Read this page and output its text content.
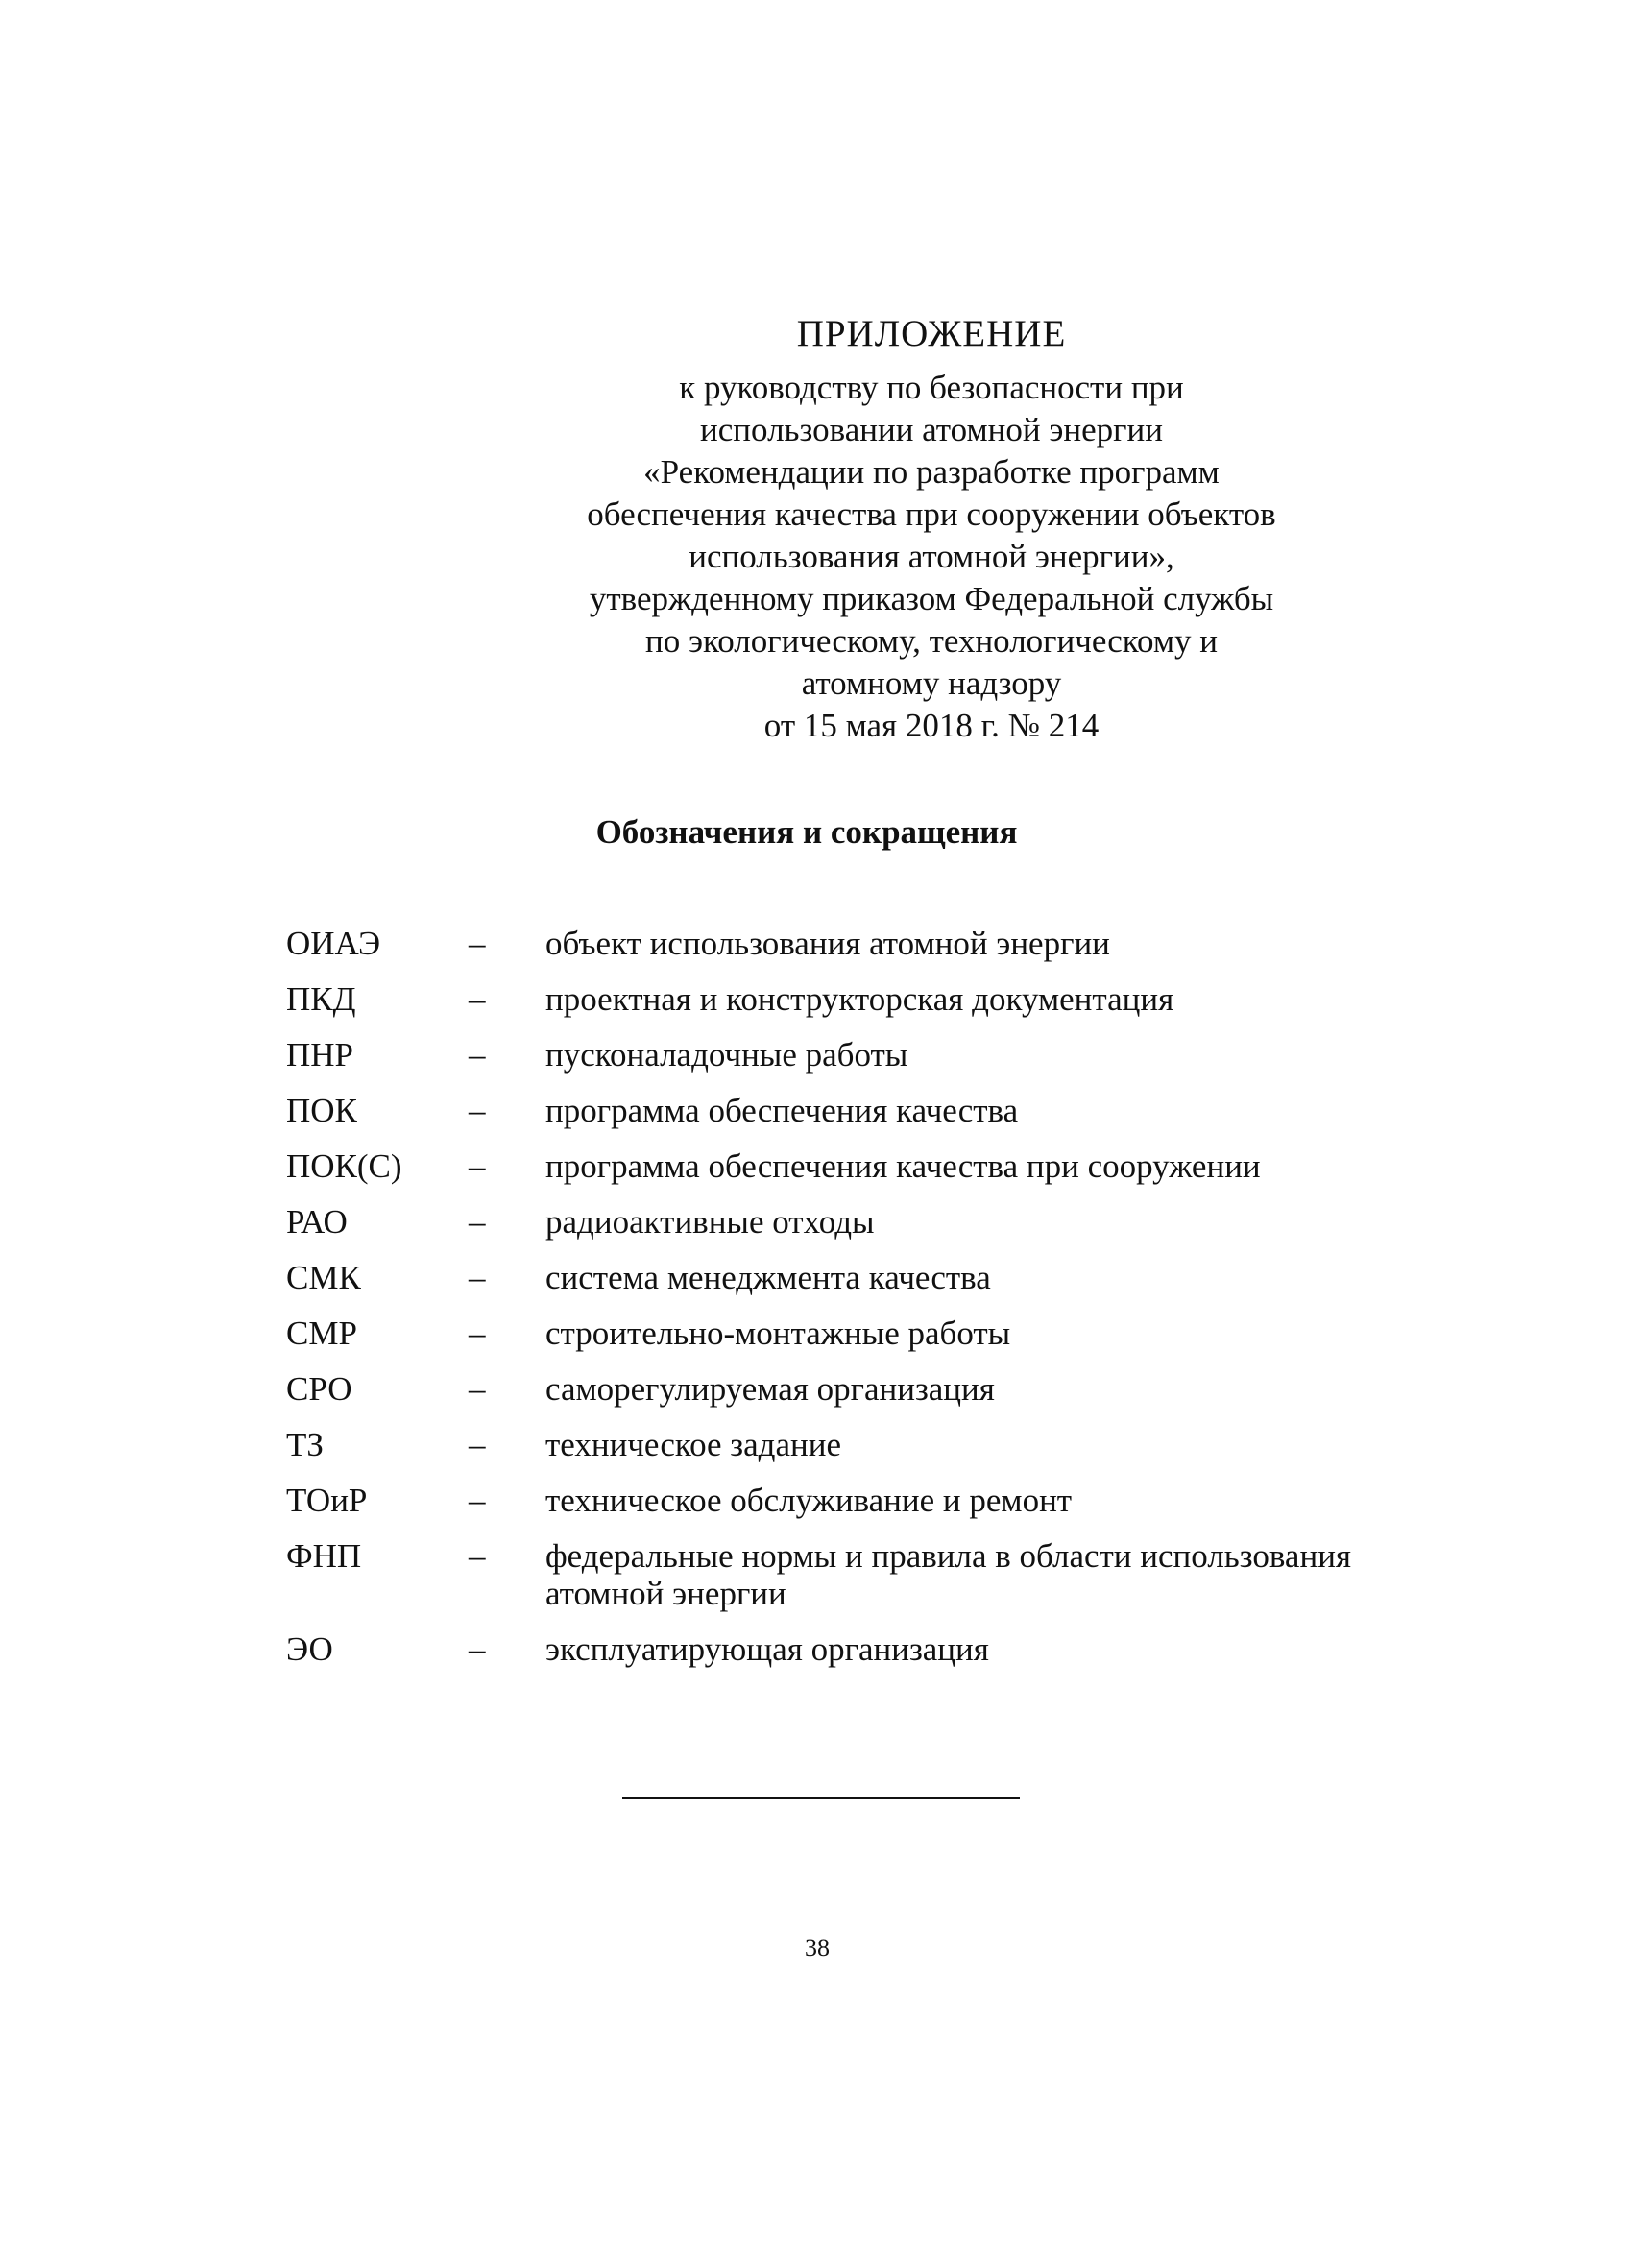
ПРИЛОЖЕНИЕ
к руководству по безопасности при
использовании атомной энергии
«Рекомендации по разработке программ
обеспечения качества при сооружении объектов
использования атомной энергии»,
утвержденному приказом Федеральной службы
по экологическому, технологическому и
атомному надзору
от 15 мая 2018 г. № 214
Обозначения и сокращения
ОИАЭ	–	объект использования атомной энергии
ПКД	–	проектная и конструкторская документация
ПНР	–	пусконаладочные работы
ПОК	–	программа обеспечения качества
ПОК(С)	–	программа обеспечения качества при сооружении
РАО	–	радиоактивные отходы
СМК	–	система менеджмента качества
СМР	–	строительно-монтажные работы
СРО	–	саморегулируемая организация
ТЗ	–	техническое задание
ТОиР	–	техническое обслуживание и ремонт
ФНП	–	федеральные нормы и правила в области использования атомной энергии
ЭО	–	эксплуатирующая организация
38
